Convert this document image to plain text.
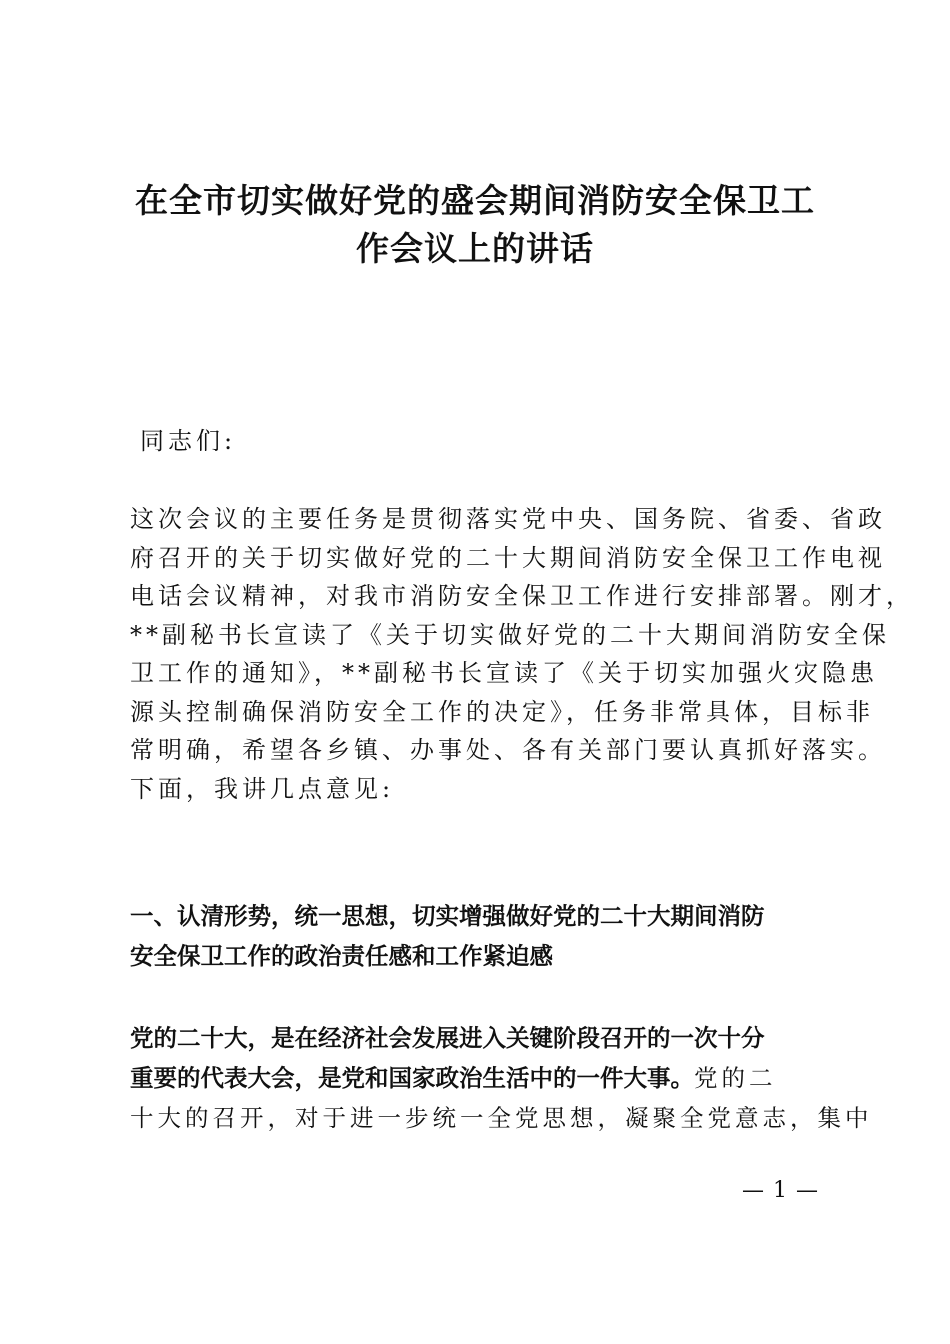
在全市切实做好党的盛会期间消防安全保卫工
作会议上的讲话
同志们:
这次会议的主要任务是贯彻落实党中央、国务院、省委、省政
府召开的关于切实做好党的二十大期间消防安全保卫工作电视
电话会议精神，对我市消防安全保卫工作进行安排部署。刚才，
**副秘书长宣读了《关于切实做好党的二十大期间消防安全保
卫工作的通知》，**副秘书长宣读了《关于切实加强火灾隐患
源头控制确保消防安全工作的决定》，任务非常具体，目标非
常明确，希望各乡镇、办事处、各有关部门要认真抓好落实。
下面，我讲几点意见:
一、认清形势，统一思想，切实增强做好党的二十大期间消防
安全保卫工作的政治责任感和工作紧迫感
党的二十大，是在经济社会发展进入关键阶段召开的一次十分
重要的代表大会，是党和国家政治生活中的一件大事。党的二
十大的召开，对于进一步统一全党思想，凝聚全党意志，集中
— 1 —
